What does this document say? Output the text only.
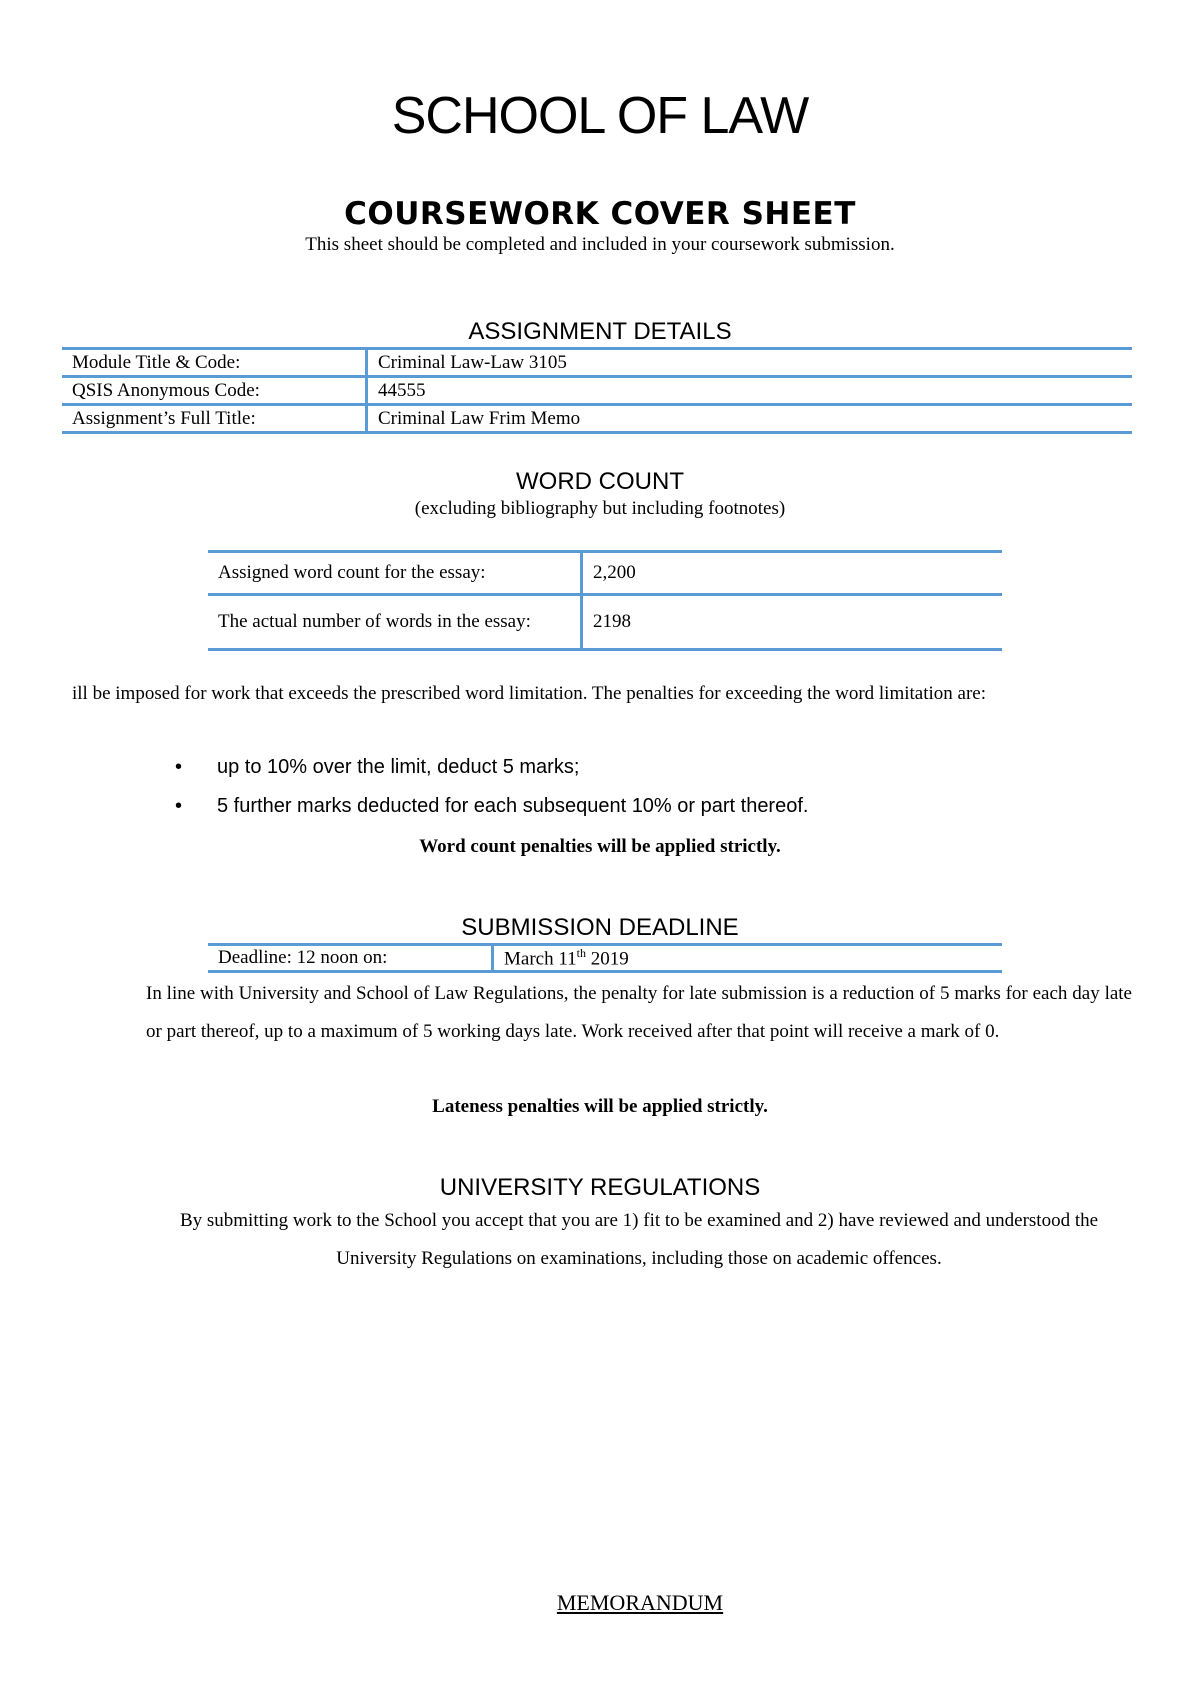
SCHOOL OF LAW
COURSEWORK COVER SHEET
This sheet should be completed and included in your coursework submission.
ASSIGNMENT DETAILS
Module Title & Code:	Criminal Law-Law 3105
QSIS Anonymous Code:	44555
Assignment’s Full Title:	Criminal Law Frim Memo
WORD COUNT
(excluding bibliography but including footnotes)
Assigned word count for the essay:	2,200
The actual number of words in the essay:	2198
ill be imposed for work that exceeds the prescribed word limitation. The penalties for exceeding the word limitation are:
• up to 10% over the limit, deduct 5 marks;
• 5 further marks deducted for each subsequent 10% or part thereof.
Word count penalties will be applied strictly.
SUBMISSION DEADLINE
Deadline: 12 noon on:	March 11th 2019
In line with University and School of Law Regulations, the penalty for late submission is a reduction of 5 marks for each day late or part thereof, up to a maximum of 5 working days late. Work received after that point will receive a mark of 0.
Lateness penalties will be applied strictly.
UNIVERSITY REGULATIONS
By submitting work to the School you accept that you are 1) fit to be examined and 2) have reviewed and understood the University Regulations on examinations, including those on academic offences.
MEMORANDUM
